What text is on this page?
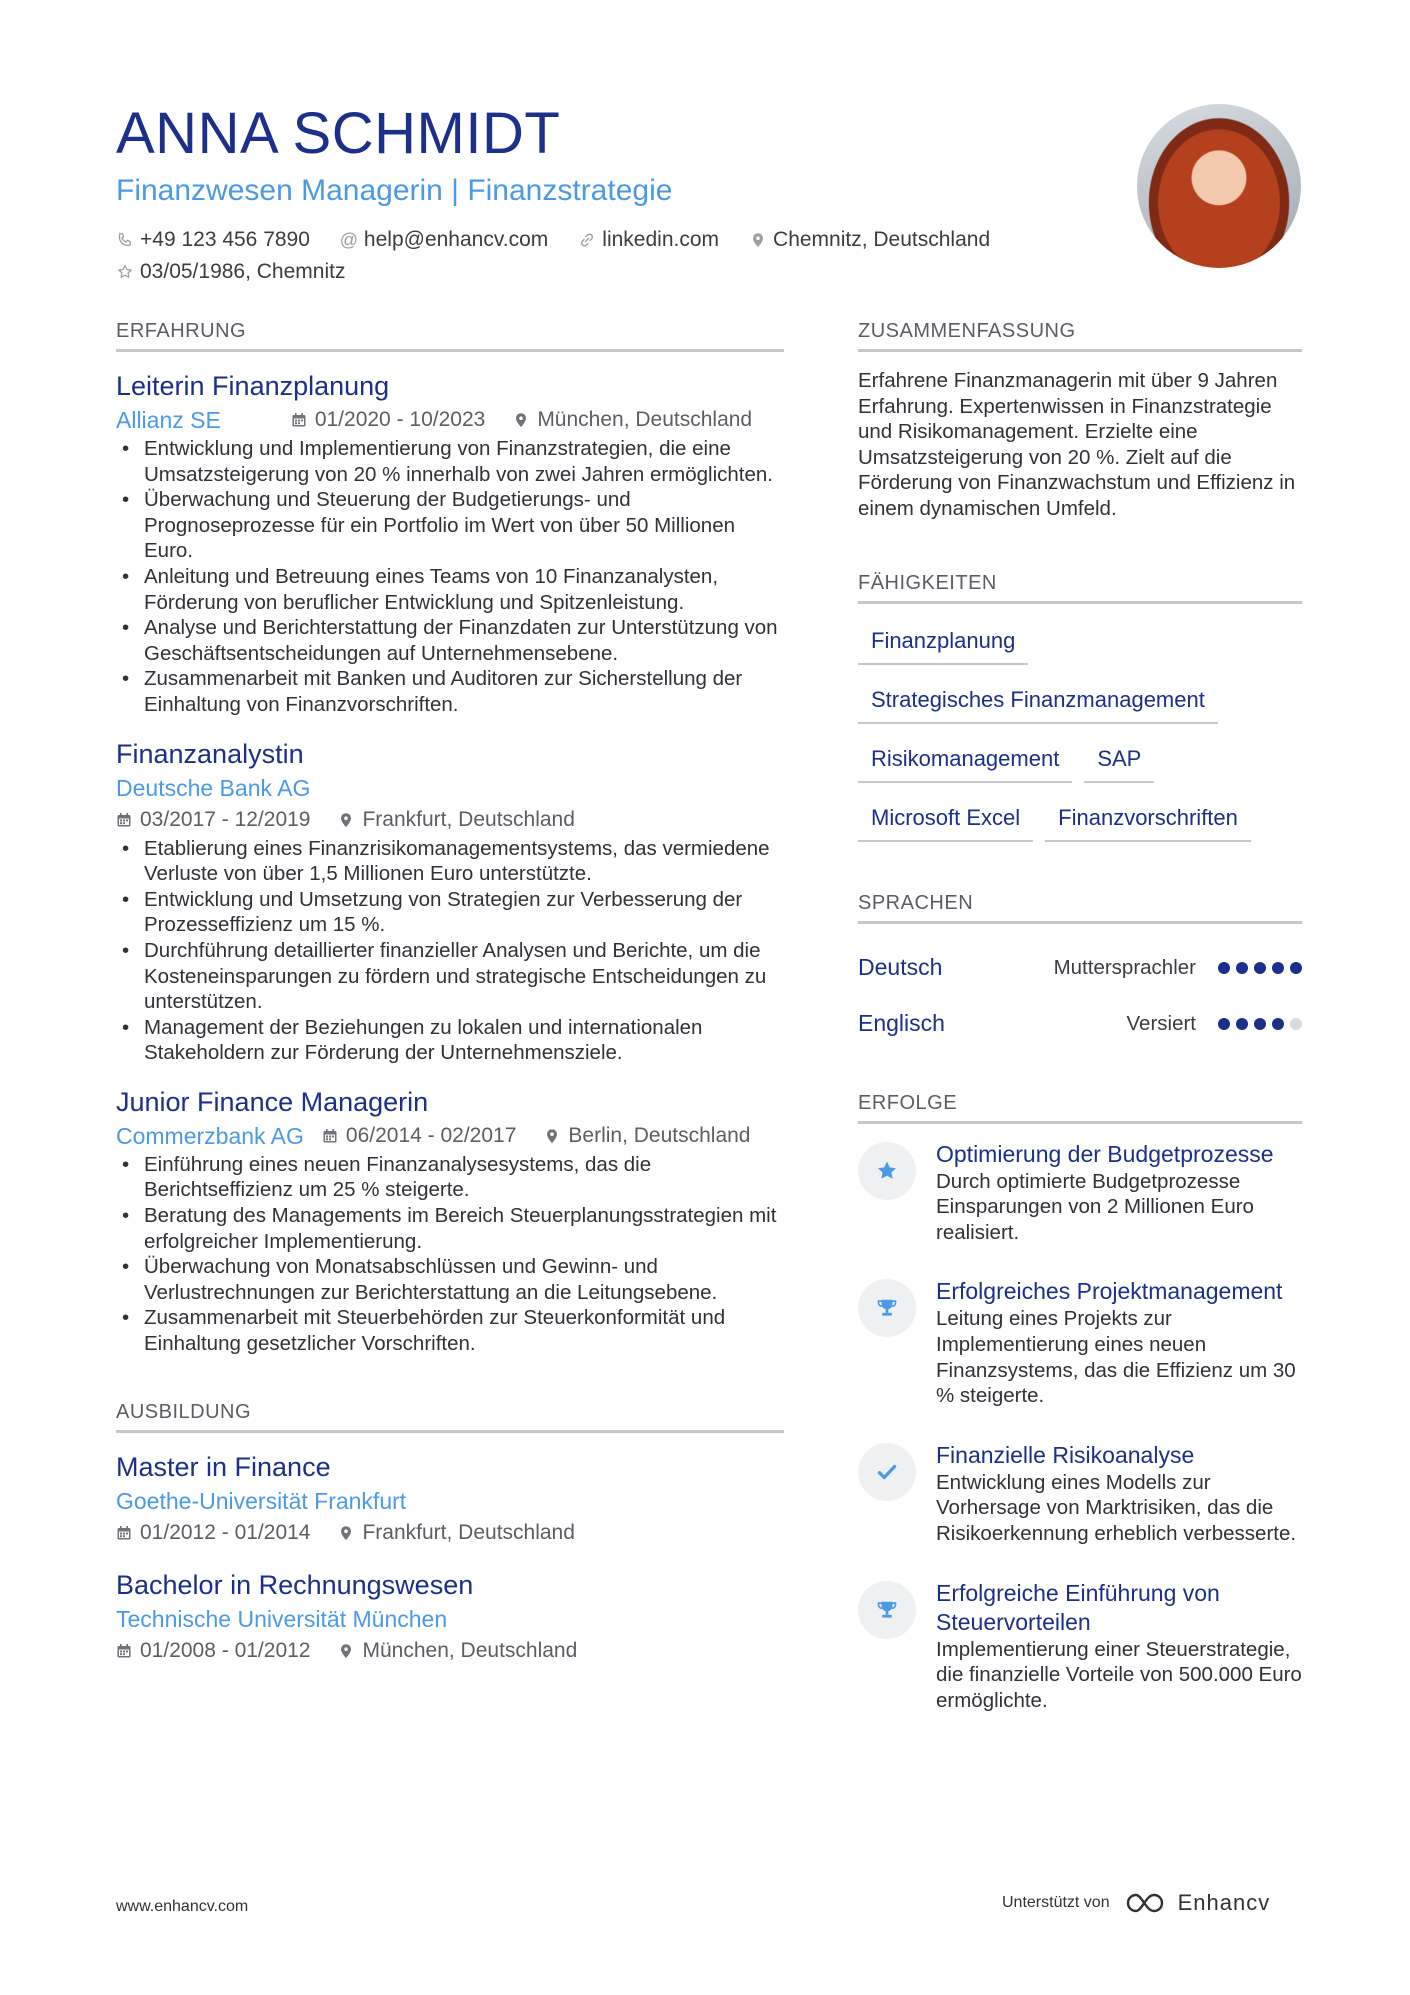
ANNA SCHMIDT
Finanzwesen Managerin | Finanzstrategie
+49 123 456 7890 @ help@enhancv.com	linkedin.com	Chemnitz, Deutschland
03/05/1986, Chemnitz
ERFAHRUNG
Leiterin Finanzplanung
Allianz SE	01/2020 - 10/2023 München, Deutschland
• Entwicklung und Implementierung von Finanzstrategien, die eine Umsatzsteigerung von 20 % innerhalb von zwei Jahren ermöglichten.
• Überwachung und Steuerung der Budgetierungs- und Prognoseprozesse für ein Portfolio im Wert von über 50 Millionen Euro.
• Anleitung und Betreuung eines Teams von 10 Finanzanalysten, Förderung von beruflicher Entwicklung und Spitzenleistung.
• Analyse und Berichterstattung der Finanzdaten zur Unterstützung von Geschäftsentscheidungen auf Unternehmensebene.
• Zusammenarbeit mit Banken und Auditoren zur Sicherstellung der Einhaltung von Finanzvorschriften.
Finanzanalystin
Deutsche Bank AG
03/2017 - 12/2019 Frankfurt, Deutschland
• Etablierung eines Finanzrisikomanagementsystems, das vermiedene Verluste von über 1,5 Millionen Euro unterstützte.
• Entwicklung und Umsetzung von Strategien zur Verbesserung der Prozesseffizienz um 15 %.
• Durchführung detaillierter finanzieller Analysen und Berichte, um die Kosteneinsparungen zu fördern und strategische Entscheidungen zu unterstützen.
• Management der Beziehungen zu lokalen und internationalen Stakeholdern zur Förderung der Unternehmensziele.
Junior Finance Managerin
Commerzbank AG 06/2014 - 02/2017 Berlin, Deutschland
• Einführung eines neuen Finanzanalysesystems, das die Berichtseffizienz um 25 % steigerte.
• Beratung des Managements im Bereich Steuerplanungsstrategien mit erfolgreicher Implementierung.
• Überwachung von Monatsabschlüssen und Gewinn- und Verlustrechnungen zur Berichterstattung an die Leitungsebene.
• Zusammenarbeit mit Steuerbehörden zur Steuerkonformität und Einhaltung gesetzlicher Vorschriften.
AUSBILDUNG
Master in Finance
Goethe-Universität Frankfurt
01/2012 - 01/2014 Frankfurt, Deutschland
Bachelor in Rechnungswesen
Technische Universität München
01/2008 - 01/2012 München, Deutschland
ZUSAMMENFASSUNG
Erfahrene Finanzmanagerin mit über 9 Jahren Erfahrung. Expertenwissen in Finanzstrategie und Risikomanagement. Erzielte eine Umsatzsteigerung von 20 %. Zielt auf die Förderung von Finanzwachstum und Effizienz in einem dynamischen Umfeld.
FÄHIGKEITEN
Finanzplanung
Strategisches Finanzmanagement
Risikomanagement	SAP
Microsoft Excel	Finanzvorschriften
SPRACHEN
Deutsch	Muttersprachler
Englisch	Versiert
ERFOLGE
Optimierung der Budgetprozesse
Durch optimierte Budgetprozesse Einsparungen von 2 Millionen Euro realisiert.
Erfolgreiches Projektmanagement
Leitung eines Projekts zur Implementierung eines neuen Finanzsystems, das die Effizienz um 30 % steigerte.
Finanzielle Risikoanalyse
Entwicklung eines Modells zur Vorhersage von Marktrisiken, das die Risikoerkennung erheblich verbesserte.
Erfolgreiche Einführung von Steuervorteilen
Implementierung einer Steuerstrategie, die finanzielle Vorteile von 500.000 Euro ermöglichte.
www.enhancv.com	Unterstützt von	Enhancv
